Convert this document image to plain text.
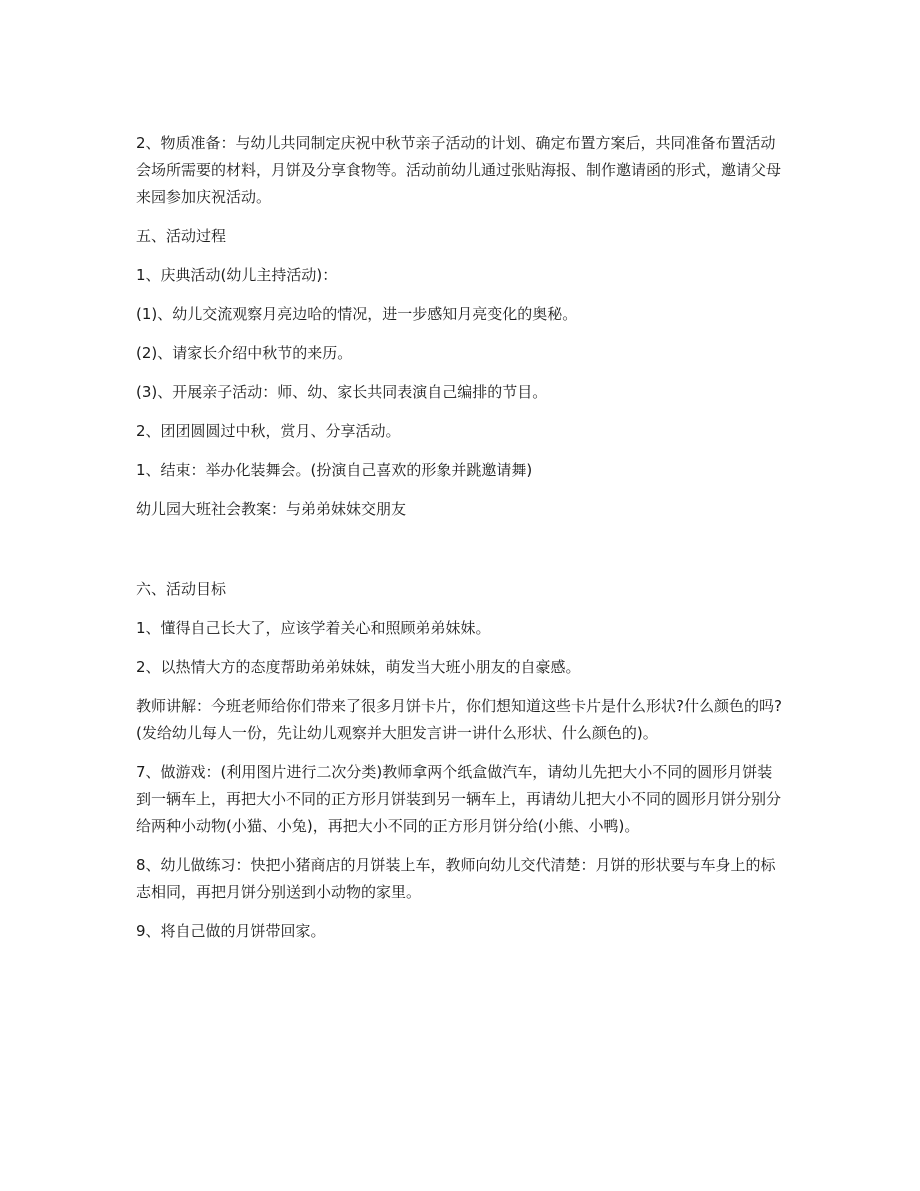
2、物质准备：与幼儿共同制定庆祝中秋节亲子活动的计划、确定布置方案后，共同准备布置活动会场所需要的材料，月饼及分享食物等。活动前幼儿通过张贴海报、制作邀请函的形式，邀请父母来园参加庆祝活动。

五、活动过程

1、庆典活动(幼儿主持活动)：

(1)、幼儿交流观察月亮边哈的情况，进一步感知月亮变化的奥秘。

(2)、请家长介绍中秋节的来历。

(3)、开展亲子活动：师、幼、家长共同表演自己编排的节目。

2、团团圆圆过中秋，赏月、分享活动。

1、结束：举办化装舞会。(扮演自己喜欢的形象并跳邀请舞)

幼儿园大班社会教案：与弟弟妹妹交朋友

六、活动目标

1、懂得自己长大了，应该学着关心和照顾弟弟妹妹。

2、以热情大方的态度帮助弟弟妹妹，萌发当大班小朋友的自豪感。

教师讲解：今班老师给你们带来了很多月饼卡片，你们想知道这些卡片是什么形状?什么颜色的吗?(发给幼儿每人一份，先让幼儿观察并大胆发言讲一讲什么形状、什么颜色的)。

7、做游戏：(利用图片进行二次分类)教师拿两个纸盒做汽车，请幼儿先把大小不同的圆形月饼装到一辆车上，再把大小不同的正方形月饼装到另一辆车上，再请幼儿把大小不同的圆形月饼分别分给两种小动物(小猫、小兔)，再把大小不同的正方形月饼分给(小熊、小鸭)。

8、幼儿做练习：快把小猪商店的月饼装上车，教师向幼儿交代清楚：月饼的形状要与车身上的标志相同，再把月饼分别送到小动物的家里。

9、将自己做的月饼带回家。
